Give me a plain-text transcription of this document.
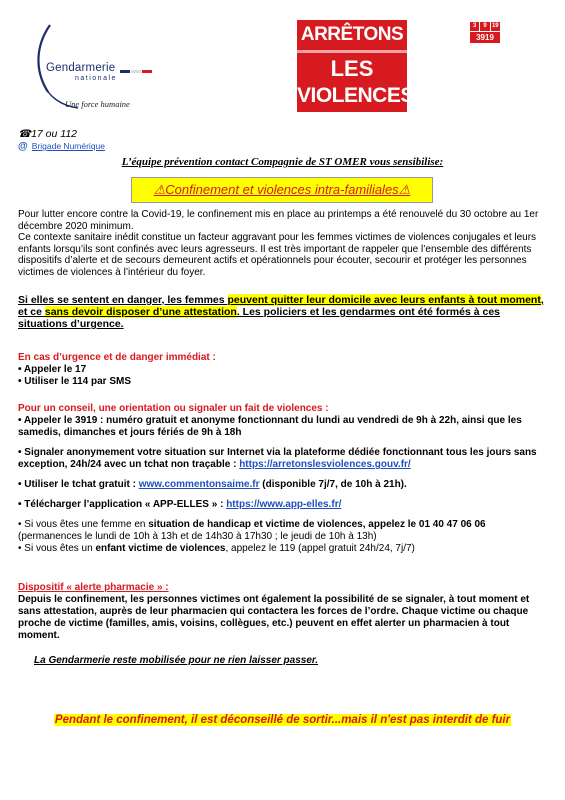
Gendarmerie
nationale
Une force humaine
ARRÊTONS
LES
VIOLENCES
3	9 19
3919
☎17 ou 112
@ Brigade Numérique
L’équipe prévention contact Compagnie de ST OMER vous sensibilise:
⚠Confinement et violences intra-familiales⚠
Pour lutter encore contre la Covid-19, le confinement mis en place au printemps a été renouvelé du 30 octobre au 1er décembre 2020 minimum.
Ce contexte sanitaire inédit constitue un facteur aggravant pour les femmes victimes de violences conjugales et leurs enfants lorsqu’ils sont confinés avec leurs agresseurs. Il est très important de rappeler que l’ensemble des différents dispositifs d’alerte et de secours demeurent actifs et opérationnels pour écouter, secourir et protéger les personnes victimes de violences à l’intérieur du foyer.
Si elles se sentent en danger, les femmes peuvent quitter leur domicile avec leurs enfants à tout moment, et ce sans devoir disposer d’une attestation. Les policiers et les gendarmes ont été formés à ces situations d’urgence.

En cas d’urgence et de danger immédiat :

• Appeler le 17

• Utiliser le 114 par SMS

Pour un conseil, une orientation ou signaler un fait de violences :

• Appeler le 3919 : numéro gratuit et anonyme fonctionnant du lundi au vendredi de 9h à 22h, ainsi que les samedis, dimanches et jours fériés de 9h à 18h

• Signaler anonymement votre situation sur Internet via la plateforme dédiée fonctionnant tous les jours sans exception, 24h/24 avec un tchat non traçable : https://arretonslesviolences.gouv.fr/

• Utiliser le tchat gratuit : www.commentonsaime.fr (disponible 7j/7, de 10h à 21h).

• Télécharger l’application « APP-ELLES » : https://www.app-elles.fr/

• Si vous êtes une femme en situation de handicap et victime de violences, appelez le 01 40 47 06 06

(permanences le lundi de 10h à 13h et de 14h30 à 17h30 ; le jeudi de 10h à 13h)

• Si vous êtes un enfant victime de violences, appelez le 119 (appel gratuit 24h/24, 7j/7)

Dispositif « alerte pharmacie » :

Depuis le confinement, les personnes victimes ont également la possibilité de se signaler, à tout moment et sans attestation, auprès de leur pharmacien qui contactera les forces de l’ordre. Chaque victime ou chaque proche de victime (familles, amis, voisins, collègues, etc.) peuvent en effet alerter un pharmacien à tout moment.

La Gendarmerie reste mobilisée pour ne rien laisser passer.
Pendant le confinement, il est déconseillé de sortir...mais il n'est pas interdit de fuir
